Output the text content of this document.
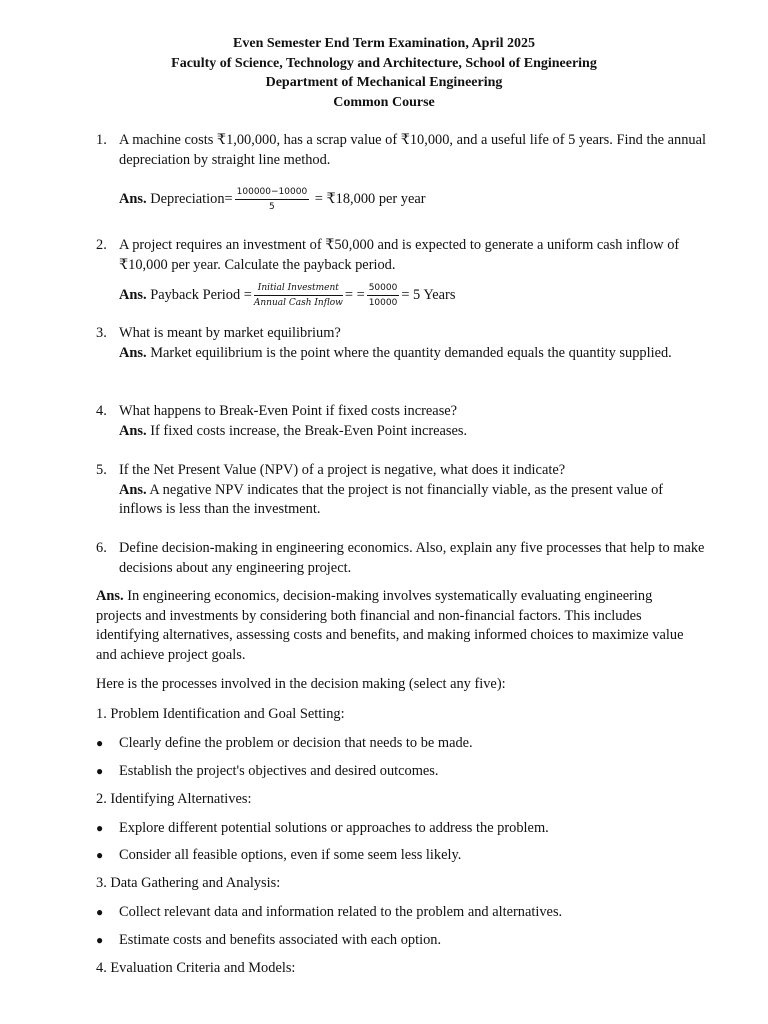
Even Semester End Term Examination, April 2025
Faculty of Science, Technology and Architecture, School of Engineering
Department of Mechanical Engineering
Common Course
1. A machine costs ₹1,00,000, has a scrap value of ₹10,000, and a useful life of 5 years. Find the annual depreciation by straight line method.
Ans. Depreciation= $\frac{100000-10000}{5}$ = ₹18,000 per year
2. A project requires an investment of ₹50,000 and is expected to generate a uniform cash inflow of ₹10,000 per year. Calculate the payback period.
Ans. Payback Period = $\frac{\text{Initial Investment}}{\text{Annual Cash Inflow}}$ = = $\frac{50000}{10000} = 5$ Years
3. What is meant by market equilibrium?
Ans. Market equilibrium is the point where the quantity demanded equals the quantity supplied.
4. What happens to Break-Even Point if fixed costs increase?
Ans. If fixed costs increase, the Break-Even Point increases.
5. If the Net Present Value (NPV) of a project is negative, what does it indicate?
Ans. A negative NPV indicates that the project is not financially viable, as the present value of inflows is less than the investment.
6. Define decision-making in engineering economics. Also, explain any five processes that help to make decisions about any engineering project.
Ans. In engineering economics, decision-making involves systematically evaluating engineering projects and investments by considering both financial and non-financial factors. This includes identifying alternatives, assessing costs and benefits, and making informed choices to maximize value and achieve project goals.
Here is the processes involved in the decision making (select any five):
1. Problem Identification and Goal Setting:
● Clearly define the problem or decision that needs to be made.
● Establish the project's objectives and desired outcomes.
2. Identifying Alternatives:
● Explore different potential solutions or approaches to address the problem.
● Consider all feasible options, even if some seem less likely.
3. Data Gathering and Analysis:
● Collect relevant data and information related to the problem and alternatives.
● Estimate costs and benefits associated with each option.
4. Evaluation Criteria and Models:
